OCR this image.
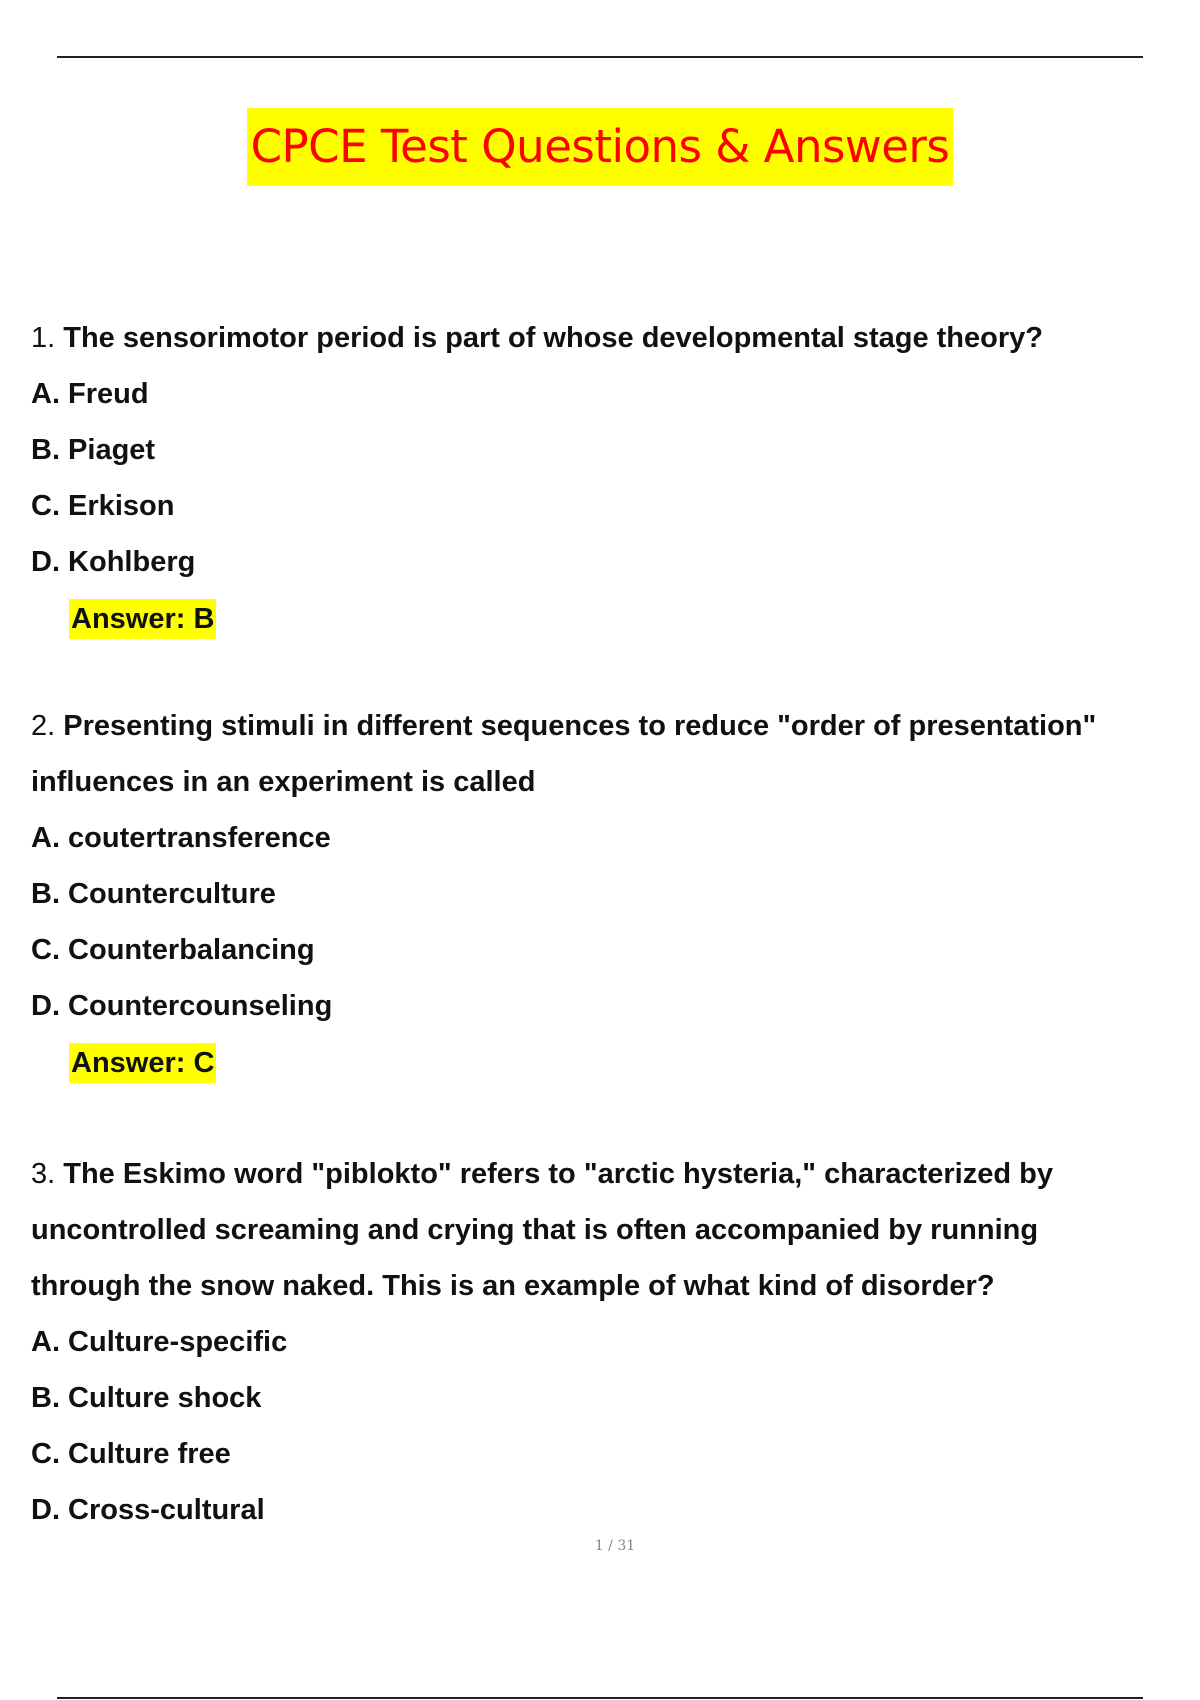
CPCE Test Questions & Answers
1. The sensorimotor period is part of whose developmental stage theory?
A. Freud
B. Piaget
C. Erkison
D. Kohlberg
Answer: B
2. Presenting stimuli in different sequences to reduce "order of presentation"
influences in an experiment is called
A. coutertransference
B. Counterculture
C. Counterbalancing
D. Countercounseling
Answer: C
3. The Eskimo word "piblokto" refers to "arctic hysteria," characterized by
uncontrolled screaming and crying that is often accompanied by running
through the snow naked. This is an example of what kind of disorder?
A. Culture-specific
B. Culture shock
C. Culture free
D. Cross-cultural
1 / 31
